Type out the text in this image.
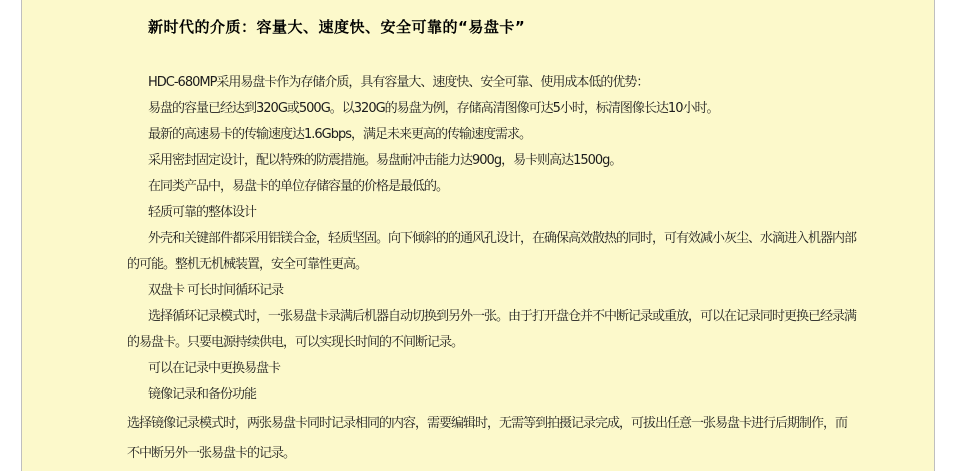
新时代的介质：容量大、速度快、安全可靠的“易盘卡”
HDC-680MP采用易盘卡作为存储介质，具有容量大、速度快、安全可靠、使用成本低的优势：
易盘的容量已经达到320G或500G。以320G的易盘为例，存储高清图像可达5小时，标清图像长达10小时。
最新的高速易卡的传输速度达1.6Gbps，满足未来更高的传输速度需求。
采用密封固定设计，配以特殊的防震措施。易盘耐冲击能力达900g，易卡则高达1500g。
在同类产品中，易盘卡的单位存储容量的价格是最低的。
轻质可靠的整体设计
外壳和关键部件都采用铝镁合金，轻质坚固。向下倾斜的的通风孔设计，在确保高效散热的同时，可有效减小灰尘、水滴进入机器内部
的可能。整机无机械装置，安全可靠性更高。
双盘卡 可长时间循环记录
选择循环记录模式时，一张易盘卡录满后机器自动切换到另外一张。由于打开盘仓并不中断记录或重放，可以在记录同时更换已经录满
的易盘卡。只要电源持续供电，可以实现长时间的不间断记录。
可以在记录中更换易盘卡
镜像记录和备份功能
选择镜像记录模式时，两张易盘卡同时记录相同的内容，需要编辑时，无需等到拍摄记录完成，可拔出任意一张易盘卡进行后期制作，而
不中断另外一张易盘卡的记录。
